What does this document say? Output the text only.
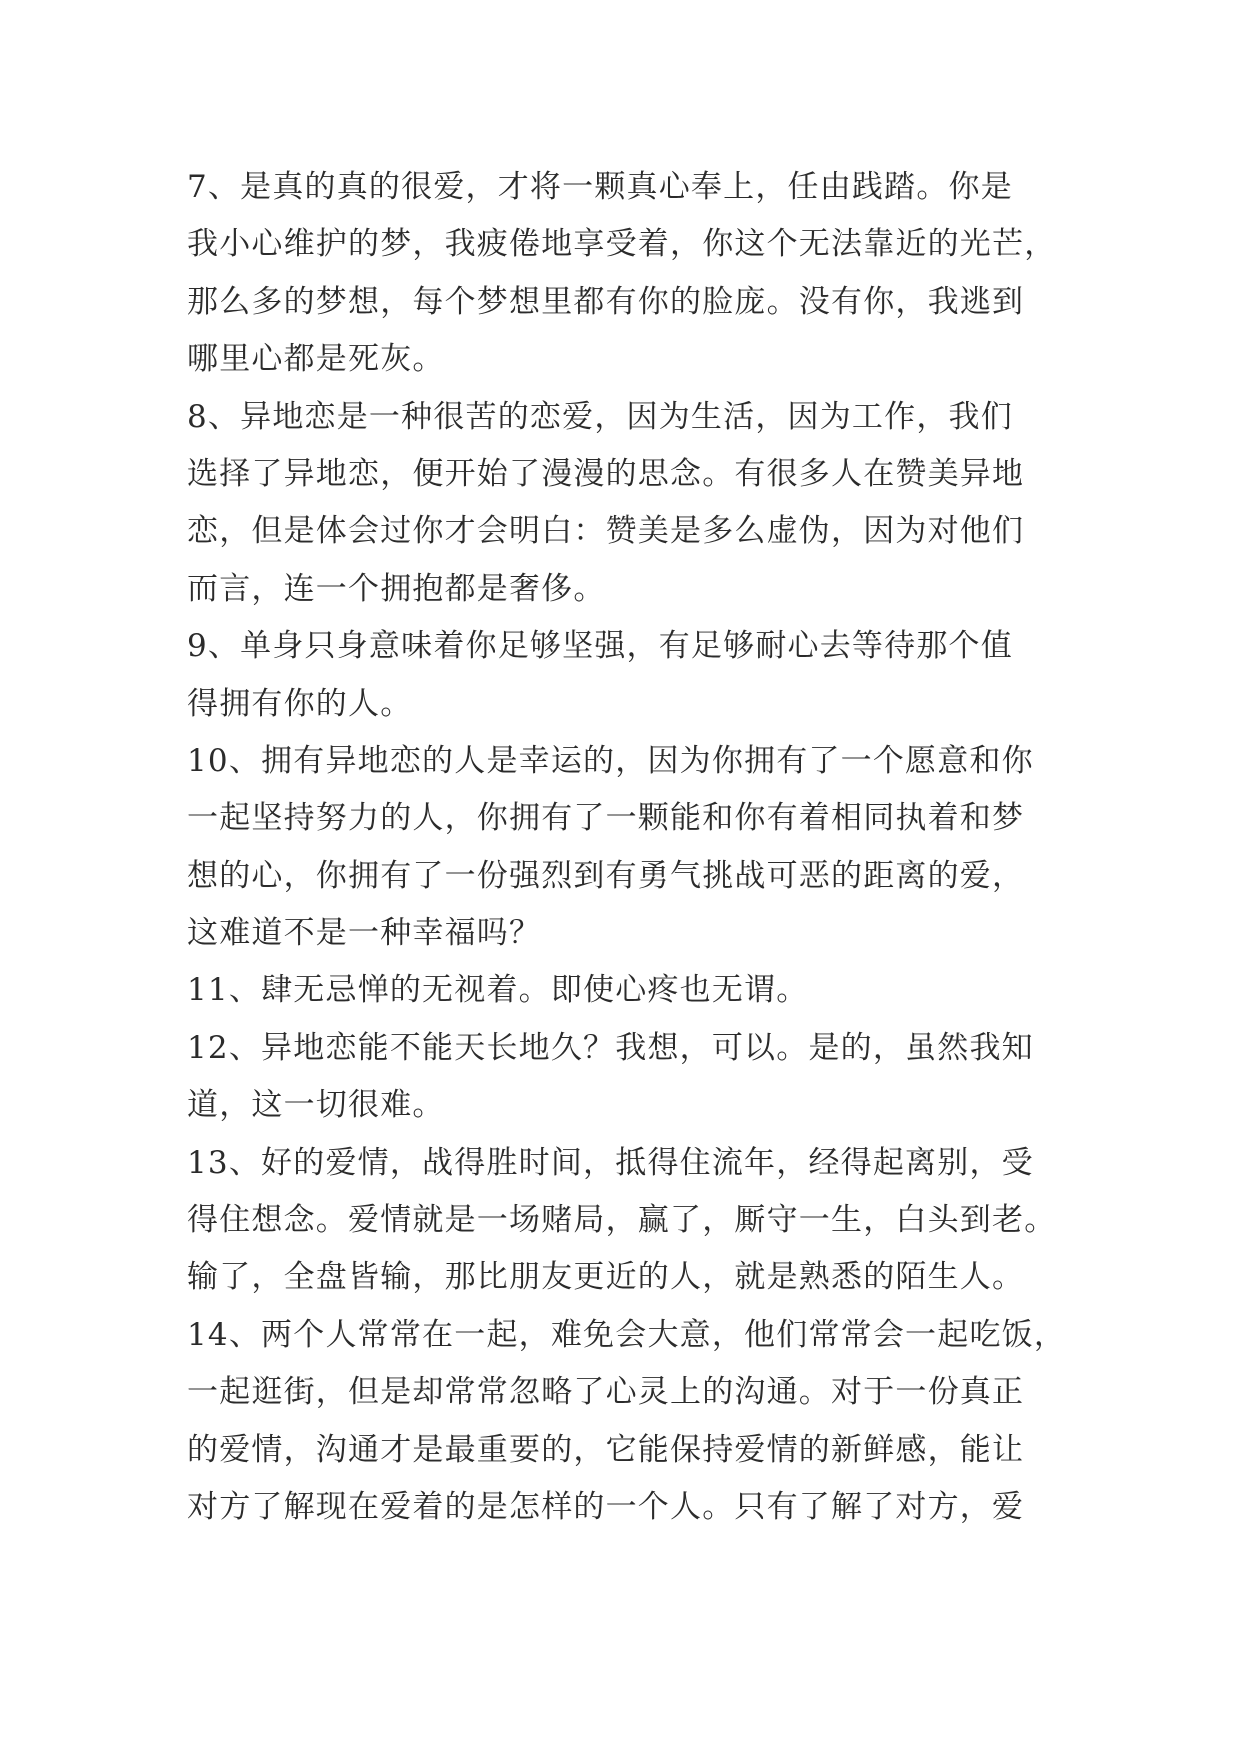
7、是真的真的很爱，才将一颗真心奉上，任由践踏。你是
我小心维护的梦，我疲倦地享受着，你这个无法靠近的光芒，
那么多的梦想，每个梦想里都有你的脸庞。没有你，我逃到
哪里心都是死灰。
8、异地恋是一种很苦的恋爱，因为生活，因为工作，我们
选择了异地恋，便开始了漫漫的思念。有很多人在赞美异地
恋，但是体会过你才会明白：赞美是多么虚伪，因为对他们
而言，连一个拥抱都是奢侈。
9、单身只身意味着你足够坚强，有足够耐心去等待那个值
得拥有你的人。
10、拥有异地恋的人是幸运的，因为你拥有了一个愿意和你
一起坚持努力的人，你拥有了一颗能和你有着相同执着和梦
想的心，你拥有了一份强烈到有勇气挑战可恶的距离的爱，
这难道不是一种幸福吗？
11、肆无忌惮的无视着。即使心疼也无谓。
12、异地恋能不能天长地久？我想，可以。是的，虽然我知
道，这一切很难。
13、好的爱情，战得胜时间，抵得住流年，经得起离别，受
得住想念。爱情就是一场赌局，赢了，厮守一生，白头到老。
输了，全盘皆输，那比朋友更近的人，就是熟悉的陌生人。
14、两个人常常在一起，难免会大意，他们常常会一起吃饭，
一起逛街，但是却常常忽略了心灵上的沟通。对于一份真正
的爱情，沟通才是最重要的，它能保持爱情的新鲜感，能让
对方了解现在爱着的是怎样的一个人。只有了解了对方，爱
